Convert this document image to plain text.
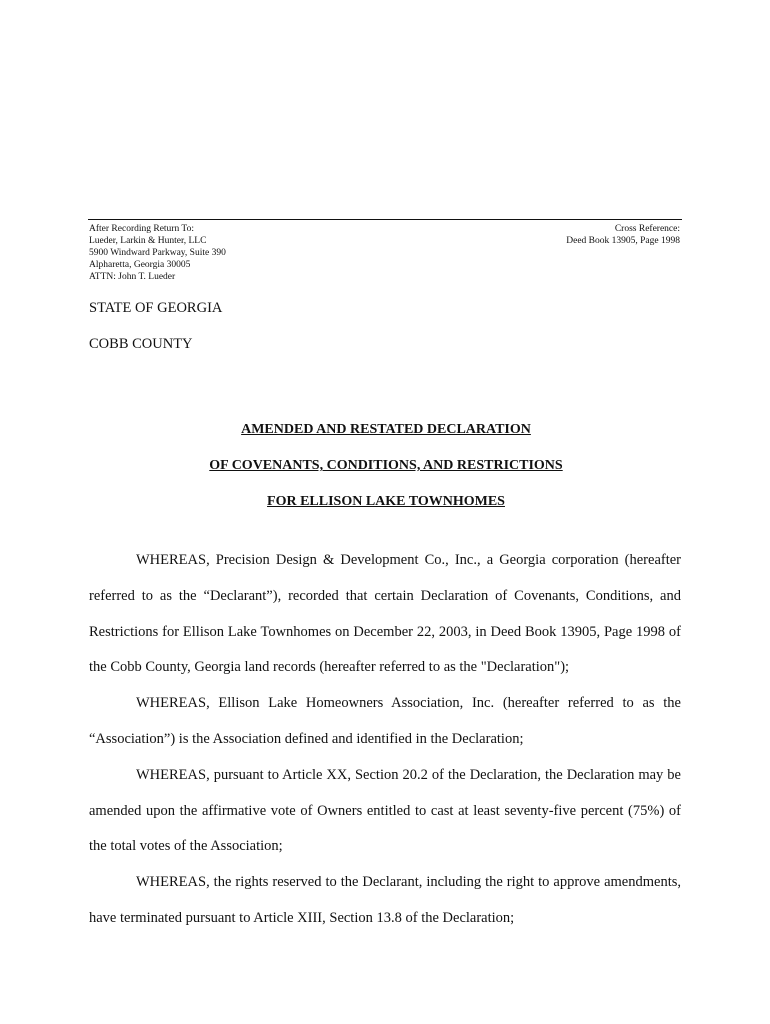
After Recording Return To:
Lueder, Larkin & Hunter, LLC
5900 Windward Parkway, Suite 390
Alpharetta, Georgia 30005
ATTN: John T. Lueder
Cross Reference:
Deed Book 13905, Page 1998
STATE OF GEORGIA
COBB COUNTY
AMENDED AND RESTATED DECLARATION
OF COVENANTS, CONDITIONS, AND RESTRICTIONS
FOR ELLISON LAKE TOWNHOMES

WHEREAS, Precision Design & Development Co., Inc., a Georgia corporation (hereafter referred to as the “Declarant”), recorded that certain Declaration of Covenants, Conditions, and Restrictions for Ellison Lake Townhomes on December 22, 2003, in Deed Book 13905, Page 1998 of the Cobb County, Georgia land records (hereafter referred to as the "Declaration");

WHEREAS, Ellison Lake Homeowners Association, Inc. (hereafter referred to as the “Association”) is the Association defined and identified in the Declaration;

WHEREAS, pursuant to Article XX, Section 20.2 of the Declaration, the Declaration may be amended upon the affirmative vote of Owners entitled to cast at least seventy-five percent (75%) of the total votes of the Association;

WHEREAS, the rights reserved to the Declarant, including the right to approve amendments, have terminated pursuant to Article XIII, Section 13.8 of the Declaration;
